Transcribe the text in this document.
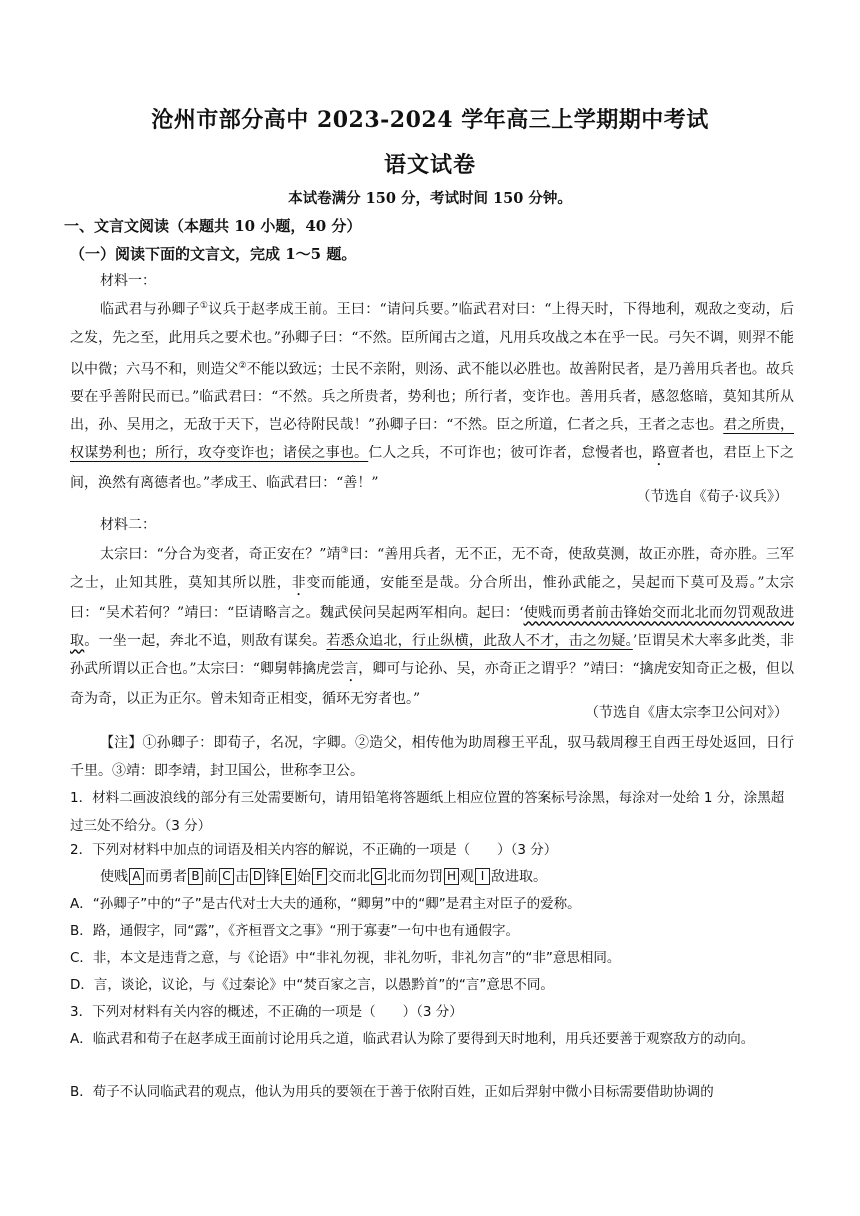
沧州市部分高中 2023-2024 学年高三上学期期中考试
语文试卷
本试卷满分 150 分，考试时间 150 分钟。
一、文言文阅读（本题共 10 小题，40 分）
（一）阅读下面的文言文，完成 1～5 题。
材料一：
临武君与孙卿子①议兵于赵孝成王前。王曰：“请问兵要。”临武君对曰：“上得天时，下得地利，观敌之变动，后之发，先之至，此用兵之要术也。”孙卿子曰：“不然。臣所闻古之道，凡用兵攻战之本在乎一民。弓矢不调，则羿不能以中微；六马不和，则造父②不能以致远；士民不亲附，则汤、武不能以必胜也。故善附民者，是乃善用兵者也。故兵要在乎善附民而已。”临武君曰：“不然。兵之所贵者，势利也；所行者，变诈也。善用兵者，感忽悠暗，莫知其所从出，孙、吴用之，无敌于天下，岂必待附民哉！”孙卿子曰：“不然。臣之所道，仁者之兵，王者之志也。君之所贵，权谋势利也；所行，攻夺变诈也；诸侯之事也。仁人之兵，不可诈也；彼可诈者，怠慢者也，路亶者也，君臣上下之间，涣然有离德者也。”孝成王、临武君曰：“善！”
（节选自《荀子·议兵》）
材料二：
太宗曰：“分合为变者，奇正安在？”靖③曰：“善用兵者，无不正，无不奇，使敌莫测，故正亦胜，奇亦胜。三军之士，止知其胜，莫知其所以胜，非变而能通，安能至是哉。分合所出，惟孙武能之，吴起而下莫可及焉。”太宗曰：“吴术若何？”靖曰：“臣请略言之。魏武侯问吴起两军相向。起曰：‘使贱而勇者前击锋始交而北北而勿罚观敌进取。一坐一起，奔北不追，则敌有谋矣。若悉众追北，行止纵横，此敌人不才，击之勿疑。’臣谓吴术大率多此类，非孙武所谓以正合也。”太宗曰：“卿舅韩擒虎尝言，卿可与论孙、吴，亦奇正之谓乎？”靖曰：“擒虎安知奇正之极，但以奇为奇，以正为正尔。曾未知奇正相变，循环无穷者也。”
（节选自《唐太宗李卫公问对》）
【注】①孙卿子：即荀子，名况，字卿。②造父，相传他为助周穆王平乱，驭马载周穆王自西王母处返回，日行千里。③靖：即李靖，封卫国公，世称李卫公。
1．材料二画波浪线的部分有三处需要断句，请用铅笔将答题纸上相应位置的答案标号涂黑，每涂对一处给 1 分，涂黑超过三处不给分。（3 分）
2．下列对材料中加点的词语及相关内容的解说，不正确的一项是（　　）（3 分）
使贱 A 而勇者 B 前 C 击 D 锋 E 始 F 交而北 G 北而勿罚 H 观 I 敌进取。
A．“孙卿子”中的“子”是古代对士大夫的通称，“卿舅”中的“卿”是君主对臣子的爱称。
B．路，通假字，同“露”，《齐桓晋文之事》“刑于寡妻”一句中也有通假字。
C．非，本文是违背之意，与《论语》中“非礼勿视，非礼勿听，非礼勿言”的“非”意思相同。
D．言，谈论，议论，与《过秦论》中“焚百家之言，以愚黔首”的“言”意思不同。
3．下列对材料有关内容的概述，不正确的一项是（　　）（3 分）
A．临武君和荀子在赵孝成王面前讨论用兵之道，临武君认为除了要得到天时地利，用兵还要善于观察敌方的动向。
B．荀子不认同临武君的观点，他认为用兵的要领在于善于依附百姓，正如后羿射中微小目标需要借助协调的
